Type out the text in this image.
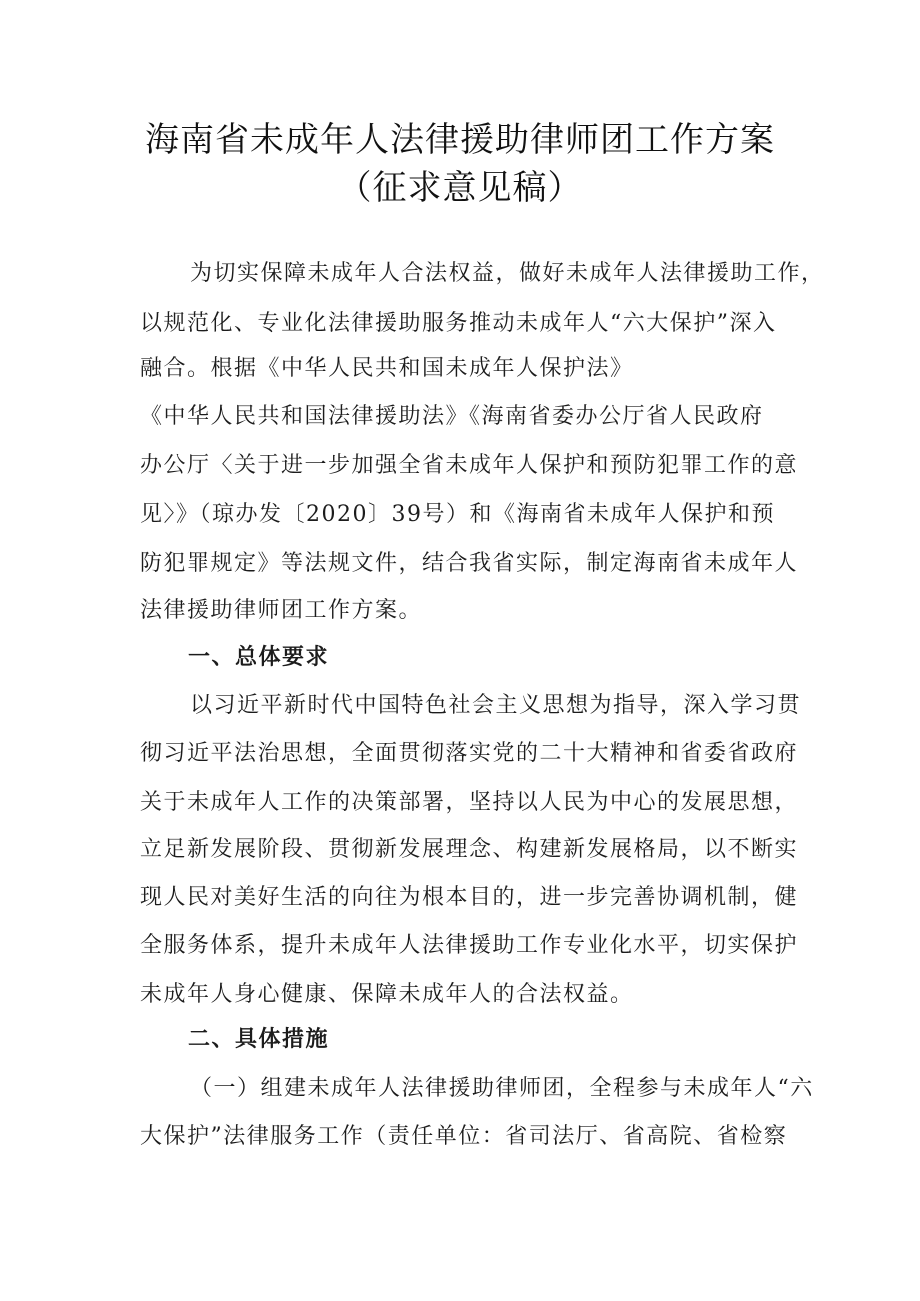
海南省未成年人法律援助律师团工作方案
（征求意见稿）
为切实保障未成年人合法权益，做好未成年人法律援助工作，
以规范化、专业化法律援助服务推动未成年人“六大保护”深入
融合。根据《中华人民共和国未成年人保护法》
《中华人民共和国法律援助法》《海南省委办公厅省人民政府
办公厅〈关于进一步加强全省未成年人保护和预防犯罪工作的意
见〉》（琼办发〔2020〕39号）和《海南省未成年人保护和预
防犯罪规定》等法规文件，结合我省实际，制定海南省未成年人
法律援助律师团工作方案。
一、总体要求
以习近平新时代中国特色社会主义思想为指导，深入学习贯
彻习近平法治思想，全面贯彻落实党的二十大精神和省委省政府
关于未成年人工作的决策部署，坚持以人民为中心的发展思想，
立足新发展阶段、贯彻新发展理念、构建新发展格局，以不断实
现人民对美好生活的向往为根本目的，进一步完善协调机制，健
全服务体系，提升未成年人法律援助工作专业化水平，切实保护
未成年人身心健康、保障未成年人的合法权益。
二、具体措施
（一）组建未成年人法律援助律师团，全程参与未成年人“六
大保护”法律服务工作（责任单位：省司法厅、省高院、省检察
